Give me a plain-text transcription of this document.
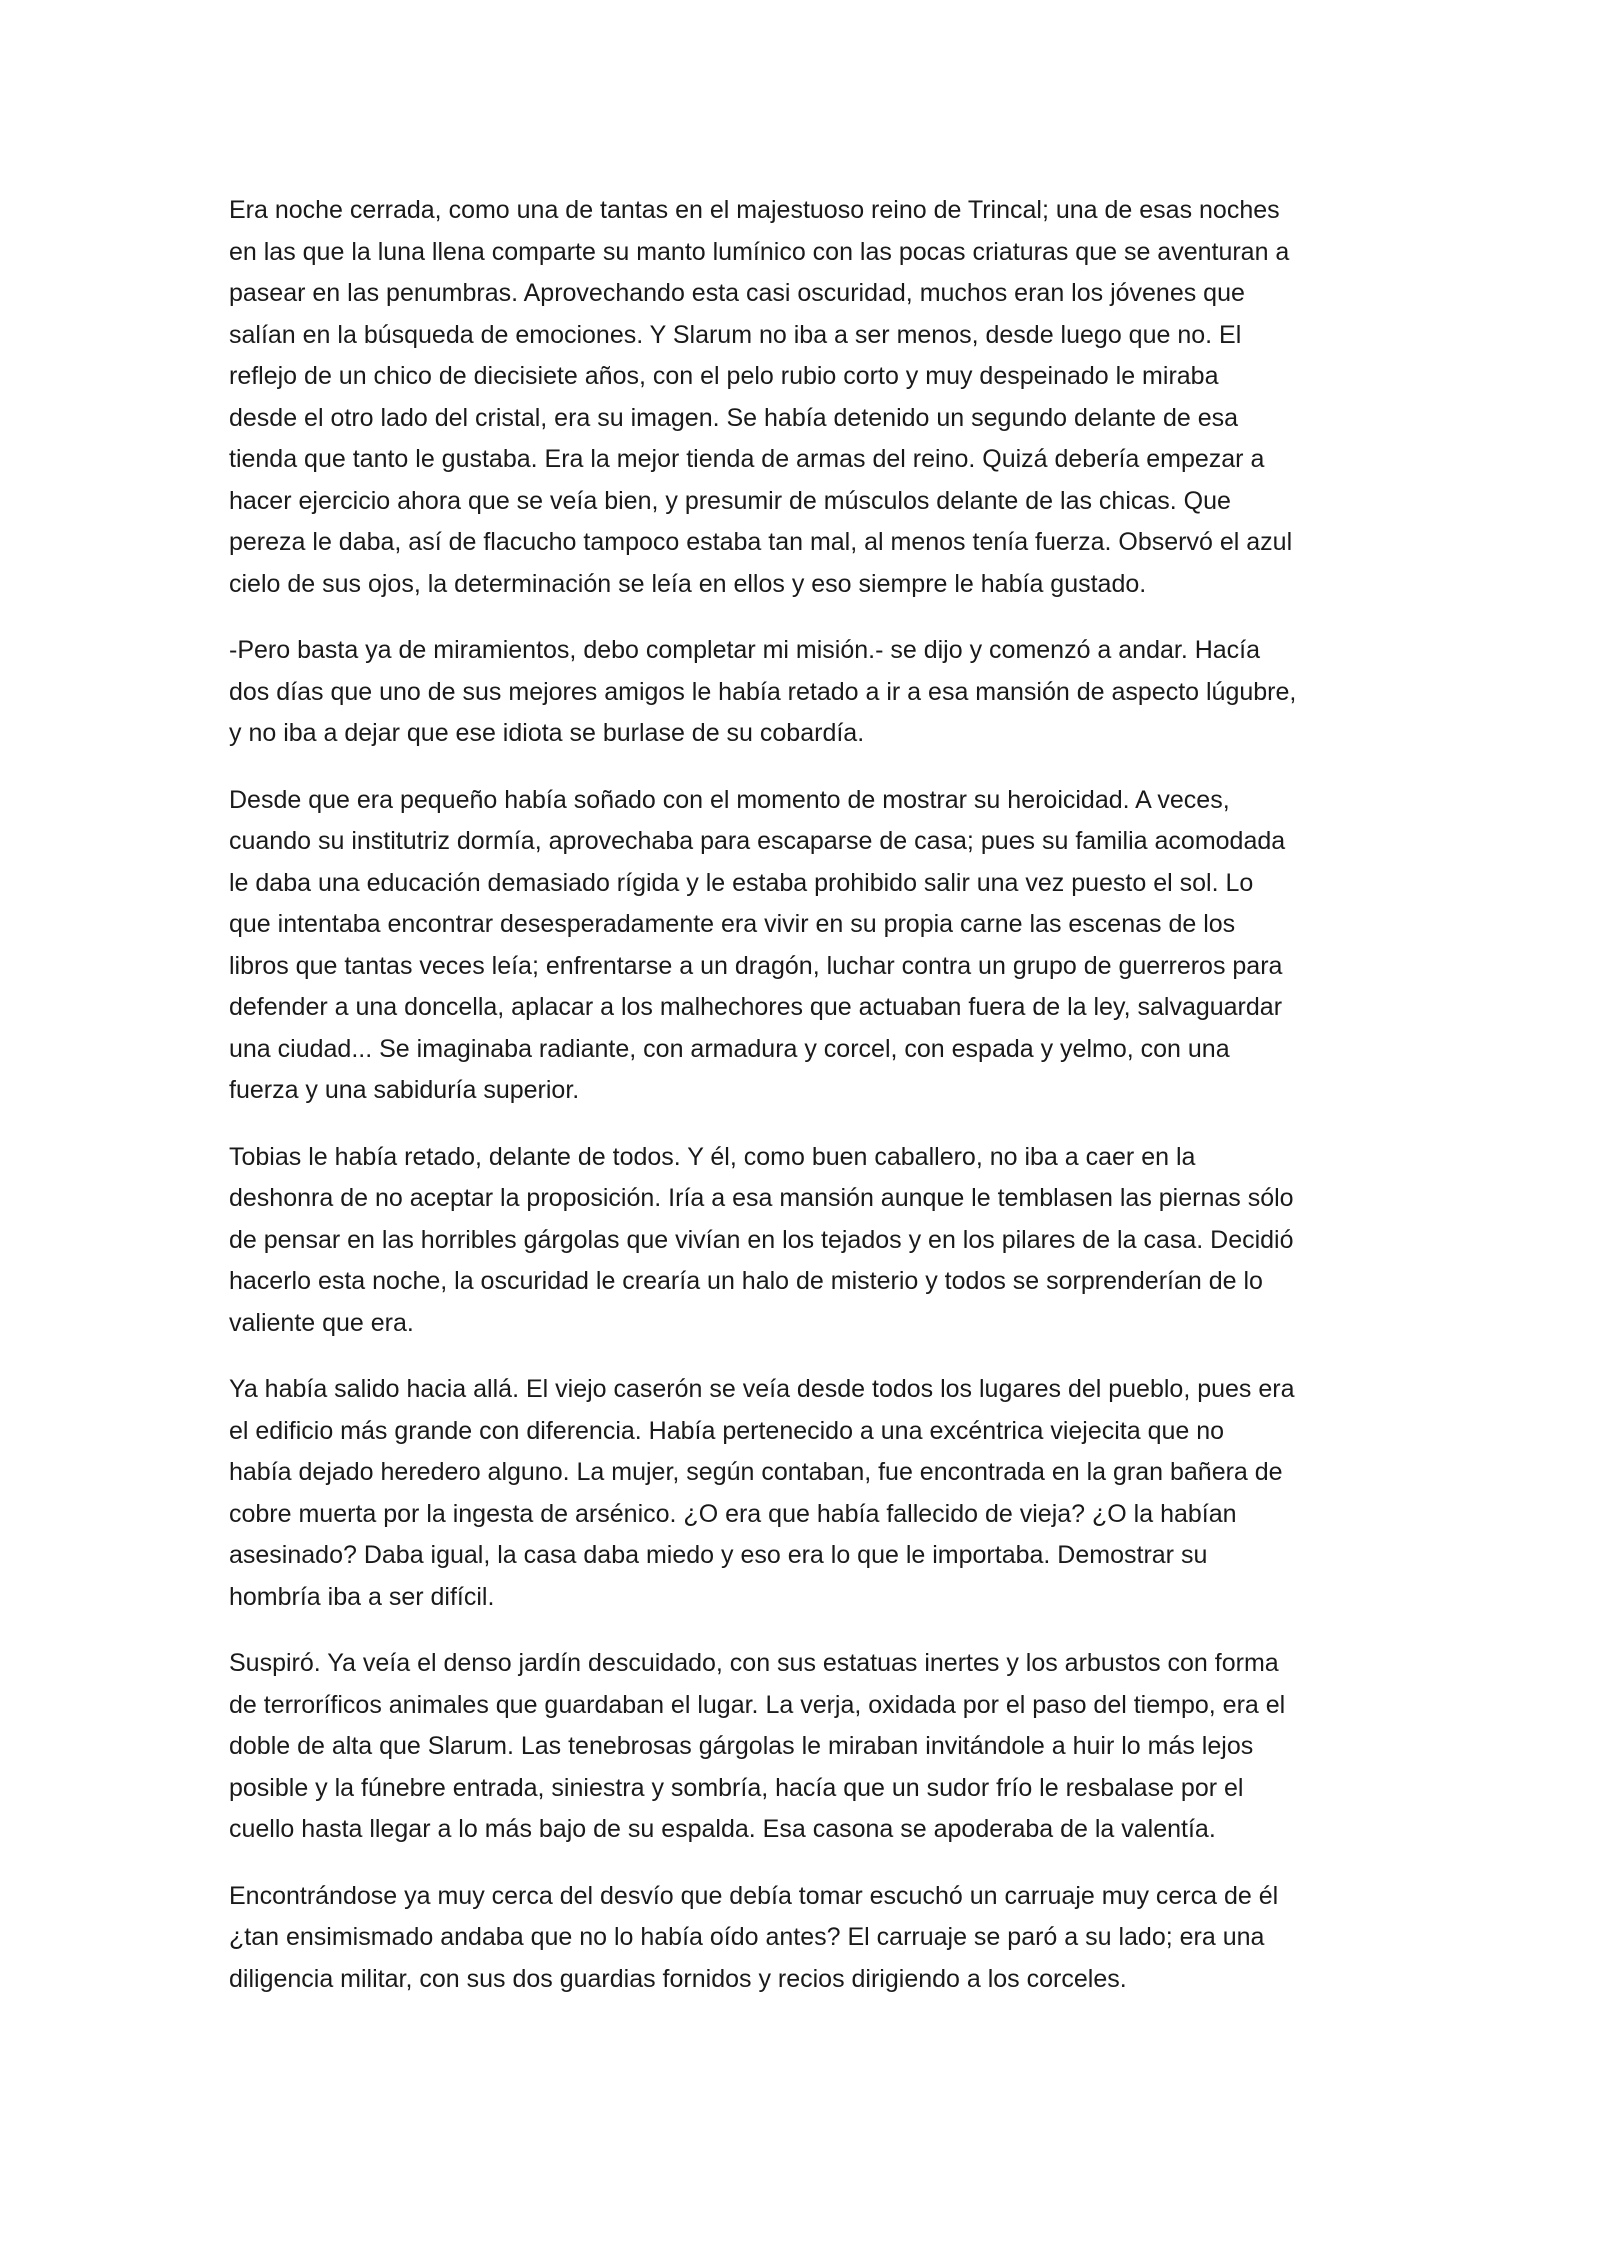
Era noche cerrada, como una de tantas en el majestuoso reino de Trincal; una de esas noches
en las que la luna llena comparte su manto lumínico con las pocas criaturas que se aventuran a
pasear en las penumbras. Aprovechando esta casi oscuridad, muchos eran los jóvenes que
salían en la búsqueda de emociones. Y Slarum no iba a ser menos, desde luego que no. El
reflejo de un chico de diecisiete años, con el pelo rubio corto y muy despeinado le miraba
desde el otro lado del cristal, era su imagen. Se había detenido un segundo delante de esa
tienda que tanto le gustaba. Era la mejor tienda de armas del reino. Quizá debería empezar a
hacer ejercicio ahora que se veía bien, y presumir de músculos delante de las chicas. Que
pereza le daba, así de flacucho tampoco estaba tan mal, al menos tenía fuerza. Observó el azul
cielo de sus ojos, la determinación se leía en ellos y eso siempre le había gustado.

-Pero basta ya de miramientos, debo completar mi misión.- se dijo y comenzó a andar. Hacía
dos días que uno de sus mejores amigos le había retado a ir a esa mansión de aspecto lúgubre,
y no iba a dejar que ese idiota se burlase de su cobardía.

Desde que era pequeño había soñado con el momento de mostrar su heroicidad. A veces,
cuando su institutriz dormía, aprovechaba para escaparse de casa; pues su familia acomodada
le daba una educación demasiado rígida y le estaba prohibido salir una vez puesto el sol. Lo
que intentaba encontrar desesperadamente era vivir en su propia carne las escenas de los
libros que tantas veces leía; enfrentarse a un dragón, luchar contra un grupo de guerreros para
defender a una doncella, aplacar a los malhechores que actuaban fuera de la ley, salvaguardar
una ciudad... Se imaginaba radiante, con armadura y corcel, con espada y yelmo, con una
fuerza y una sabiduría superior.

Tobias le había retado, delante de todos. Y él, como buen caballero, no iba a caer en la
deshonra de no aceptar la proposición. Iría a esa mansión aunque le temblasen las piernas sólo
de pensar en las horribles gárgolas que vivían en los tejados y en los pilares de la casa. Decidió
hacerlo esta noche, la oscuridad le crearía un halo de misterio y todos se sorprenderían de lo
valiente que era.

Ya había salido hacia allá. El viejo caserón se veía desde todos los lugares del pueblo, pues era
el edificio más grande con diferencia. Había pertenecido a una excéntrica viejecita que no
había dejado heredero alguno. La mujer, según contaban, fue encontrada en la gran bañera de
cobre muerta por la ingesta de arsénico. ¿O era que había fallecido de vieja? ¿O la habían
asesinado? Daba igual, la casa daba miedo y eso era lo que le importaba. Demostrar su
hombría iba a ser difícil.

Suspiró. Ya veía el denso jardín descuidado, con sus estatuas inertes y los arbustos con forma
de terroríficos animales que guardaban el lugar. La verja, oxidada por el paso del tiempo, era el
doble de alta que Slarum. Las tenebrosas gárgolas le miraban invitándole a huir lo más lejos
posible y la fúnebre entrada, siniestra y sombría, hacía que un sudor frío le resbalase por el
cuello hasta llegar a lo más bajo de su espalda. Esa casona se apoderaba de la valentía.

Encontrándose ya muy cerca del desvío que debía tomar escuchó un carruaje muy cerca de él
¿tan ensimismado andaba que no lo había oído antes? El carruaje se paró a su lado; era una
diligencia militar, con sus dos guardias fornidos y recios dirigiendo a los corceles.
